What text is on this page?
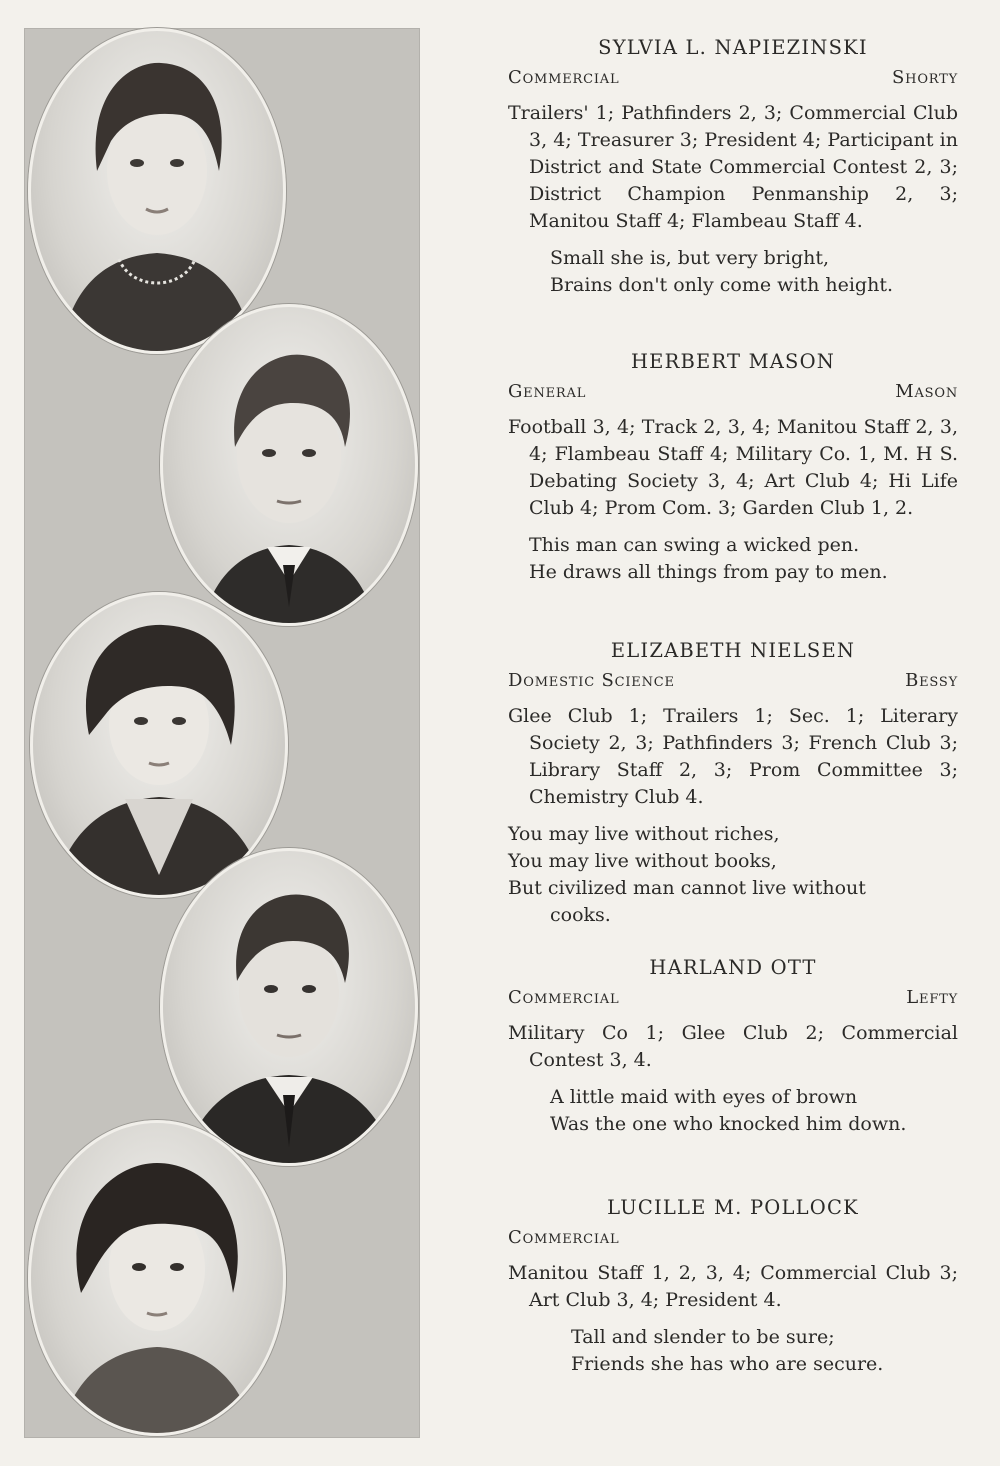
SYLVIA L. NAPIEZINSKI
Commercial	Shorty
Trailers' 1; Pathfinders 2, 3; Commercial Club 3, 4; Treasurer 3; President 4; Participant in District and State Commercial Contest 2, 3; District Champion Penmanship 2, 3; Manitou Staff 4; Flambeau Staff 4.
Small she is, but very bright,
Brains don't only come with height.
HERBERT MASON
General	Mason
Football 3, 4; Track 2, 3, 4; Manitou Staff 2, 3, 4; Flambeau Staff 4; Military Co. 1, M. H S. Debating Society 3, 4; Art Club 4; Hi Life Club 4; Prom Com. 3; Garden Club 1, 2.
This man can swing a wicked pen.
He draws all things from pay to men.
ELIZABETH NIELSEN
Domestic Science	Bessy
Glee Club 1; Trailers 1; Sec. 1; Literary Society 2, 3; Pathfinders 3; French Club 3; Library Staff 2, 3; Prom Committee 3; Chemistry Club 4.
You may live without riches,
You may live without books,
But civilized man cannot live without
cooks.
HARLAND OTT
Commercial	Lefty
Military Co 1; Glee Club 2; Commercial Contest 3, 4.
A little maid with eyes of brown
Was the one who knocked him down.
LUCILLE M. POLLOCK
Commercial
Manitou Staff 1, 2, 3, 4; Commercial Club 3; Art Club 3, 4; President 4.
Tall and slender to be sure;
Friends she has who are secure.
